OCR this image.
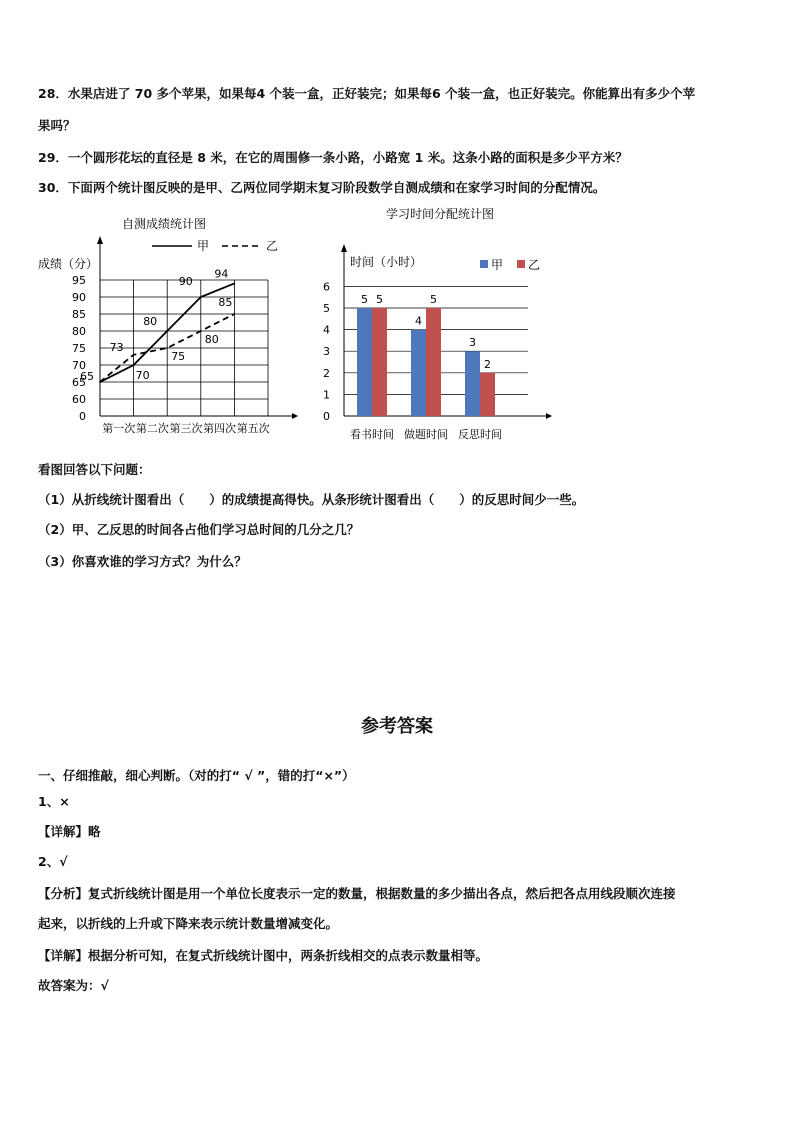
28．水果店进了 70 多个苹果，如果每4 个装一盒，正好装完；如果每6 个装一盒，也正好装完。你能算出有多少个苹
果吗？
29．一个圆形花坛的直径是 8 米，在它的周围修一条小路，小路宽 1 米。这条小路的面积是多少平方米？
30．下面两个统计图反映的是甲、乙两位同学期末复习阶段数学自测成绩和在家学习时间的分配情况。
自测成绩统计图
成绩（分）
甲	乙
0
60
65
70
75
80
85
90
95
第一次 第二次 第三次 第四次 第五次
65	70
73
80
75
90
80
94
85
学习时间分配统计图
时间（小时）	甲 乙
0
1
2
3
4
5
6
5 5
4
5
3
2
看书时间 做题时间 反思时间
看图回答以下问题：
（1）从折线统计图看出（　　）的成绩提高得快。从条形统计图看出（　　）的反思时间少一些。
（2）甲、乙反思的时间各占他们学习总时间的几分之几？
（3）你喜欢谁的学习方式？为什么？
参考答案
一、仔细推敲，细心判断。（对的打“ √ ”，错的打“×”）
1、×
【详解】略
2、√
【分析】复式折线统计图是用一个单位长度表示一定的数量，根据数量的多少描出各点，然后把各点用线段顺次连接
起来，以折线的上升或下降来表示统计数量增减变化。
【详解】根据分析可知，在复式折线统计图中，两条折线相交的点表示数量相等。
故答案为：√
